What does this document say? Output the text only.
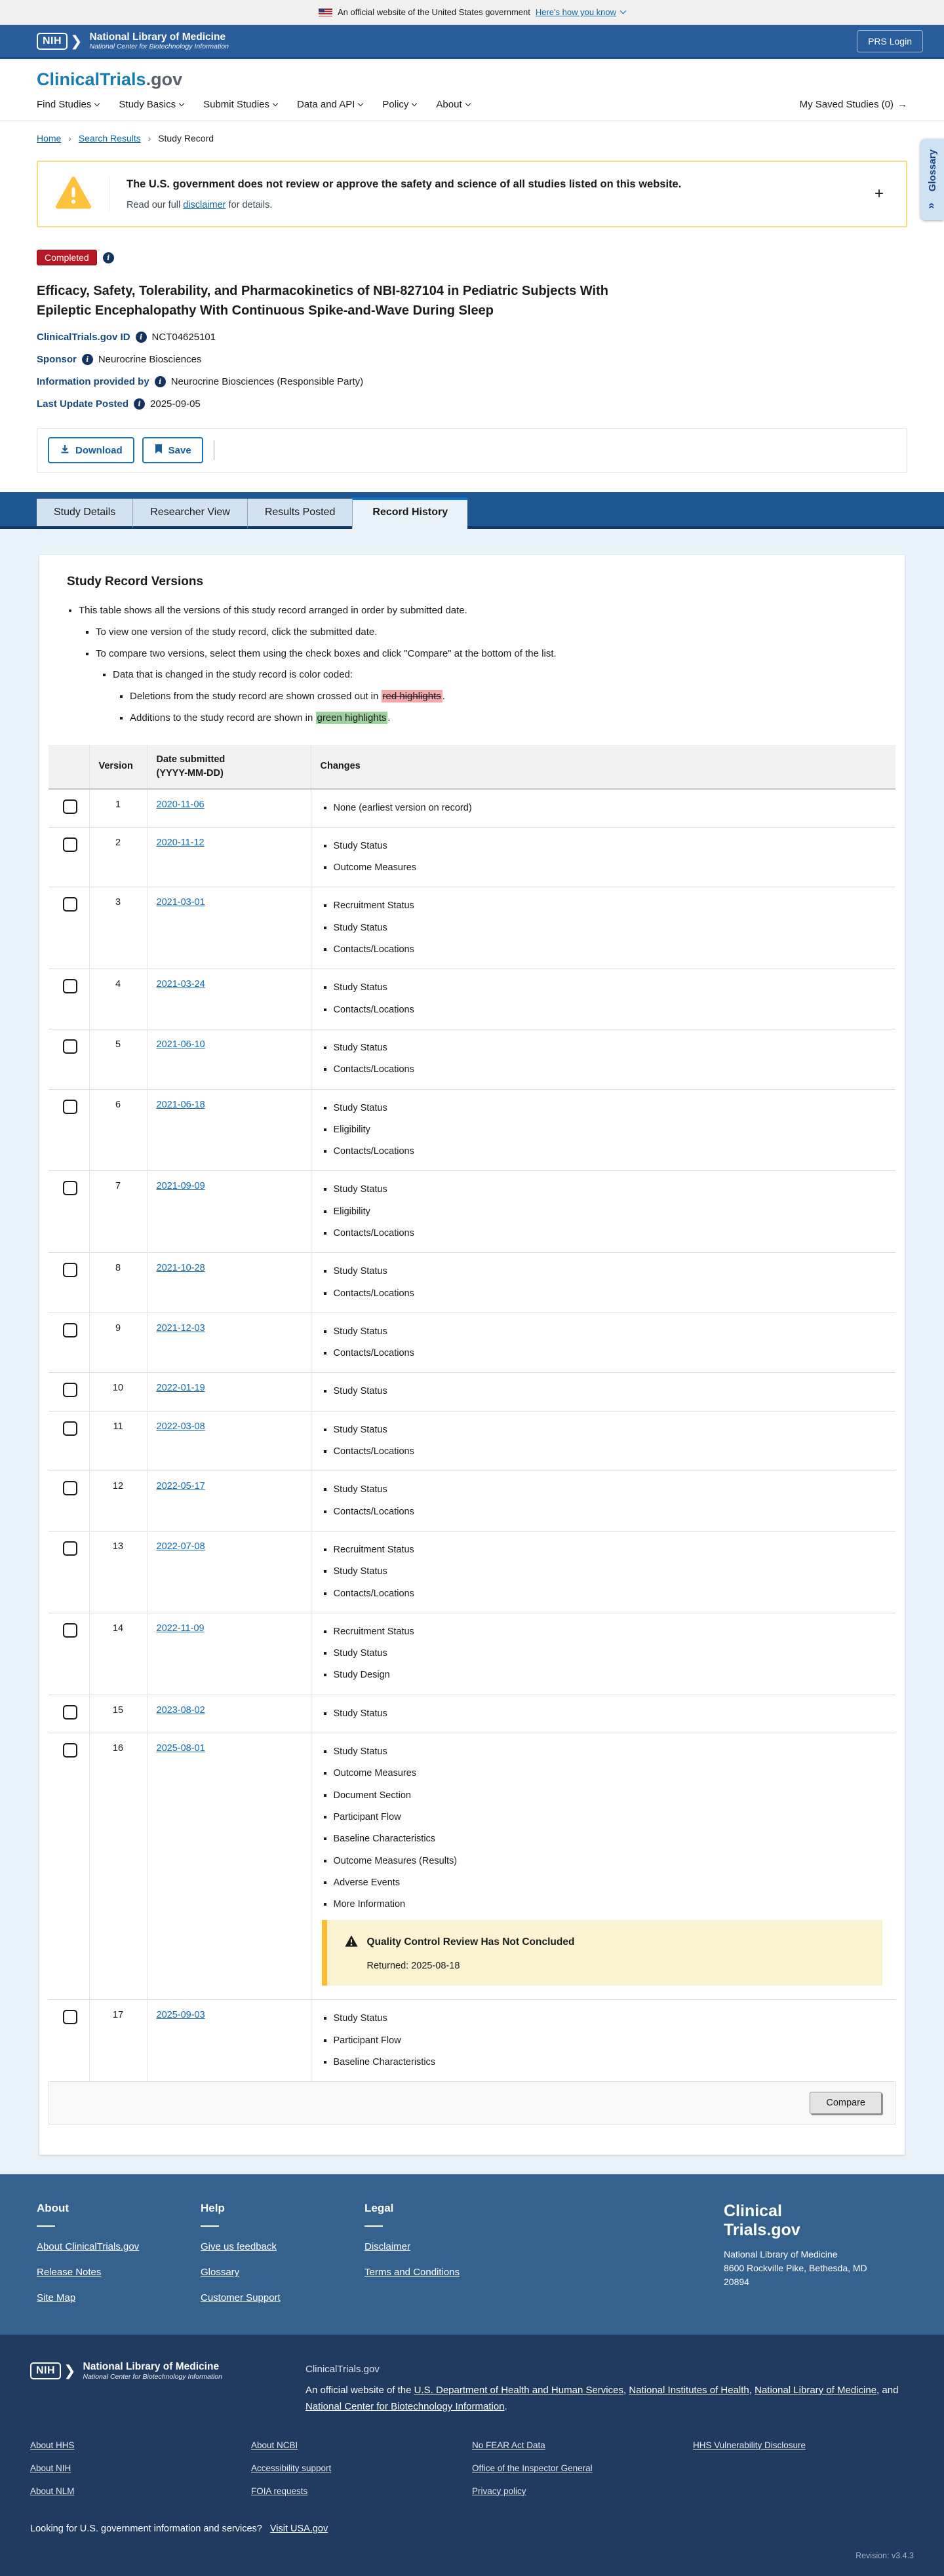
An official website of the United States government Here's how you know
NIH ❯ National Library of Medicine
National Center for Biotechnology Information
PRS Login
ClinicalTrials.gov
Find Studies	Study Basics	Submit Studies	Data and API	Policy	About	My Saved Studies (0) →
Home › Search Results › Study Record
Glossary
«
The U.S. government does not review or approve the safety and science of all studies listed on this website.
Read our full disclaimer for details.
+
Completed
i
Efficacy, Safety, Tolerability, and Pharmacokinetics of NBI-827104 in Pediatric Subjects With Epileptic Encephalopathy With Continuous Spike-and-Wave During Sleep
ClinicalTrials.gov ID i NCT04625101
Sponsor i Neurocrine Biosciences
Information provided by i Neurocrine Biosciences (Responsible Party)
Last Update Posted i 2025-09-05
Download	Save
Study Details	Researcher View	Results Posted	Record History
Study Record Versions
• This table shows all the versions of this study record arranged in order by submitted date.
▪ To view one version of the study record, click the submitted date.
▪ To compare two versions, select them using the check boxes and click "Compare" at the bottom of the list.
▪ Data that is changed in the study record is color coded:
▪ Deletions from the study record are shown crossed out in red highlights .
▪ Additions to the study record are shown in green highlights .
	Version	Date submitted
(YYYY-MM-DD)	Changes
	1	2020-11-06	
▪None (earliest version on record)

	2	2020-11-12	
▪Study Status
▪ Outcome Measures

	3	2021-03-01	
▪Recruitment Status
▪ Study Status
▪ Contacts/Locations

	4	2021-03-24	
▪Study Status
▪ Contacts/Locations

	5	2021-06-10	
▪Study Status
▪ Contacts/Locations

	6	2021-06-18	
▪Study Status
▪ Eligibility
▪ Contacts/Locations

	7	2021-09-09	
▪Study Status
▪ Eligibility
▪ Contacts/Locations

	8	2021-10-28	
▪Study Status
▪ Contacts/Locations

	9	2021-12-03	
▪Study Status
▪ Contacts/Locations

	10	2022-01-19	
▪Study Status

	11	2022-03-08	
▪Study Status
▪ Contacts/Locations

	12	2022-05-17	
▪Study Status
▪ Contacts/Locations

	13	2022-07-08	
▪Recruitment Status
▪ Study Status
▪ Contacts/Locations

	14	2022-11-09	
▪Recruitment Status
▪ Study Status
▪ Study Design

	15	2023-08-02	
▪Study Status

	16	2025-08-01	
▪Study Status
▪ Outcome Measures
▪ Document Section
▪ Participant Flow
▪ Baseline Characteristics
▪ Outcome Measures (Results)
▪ Adverse Events
▪ More Information
Quality Control Review Has Not Concluded
Returned: 2025-08-18

	17	2025-09-03	
▪Study Status
▪ Participant Flow
▪ Baseline Characteristics
Compare
About
About ClinicalTrials.gov
Release Notes
Site Map
Help
Give us feedback
Glossary
Customer Support
Legal
Disclaimer
Terms and Conditions
Clinical
Trials.gov
National Library of Medicine
8600 Rockville Pike, Bethesda, MD
20894
NIH ❯ National Library of Medicine
National Center for Biotechnology Information
ClinicalTrials.gov
An official website of the U.S. Department of Health and Human Services, National Institutes of Health, National Library of Medicine, and National Center for Biotechnology Information.
About HHS
About NIH
About NLM
About NCBI
Accessibility support
FOIA requests
No FEAR Act Data
Office of the Inspector General
Privacy policy
HHS Vulnerability Disclosure
Looking for U.S. government information and services? Visit USA.gov
Revision: v3.4.3
